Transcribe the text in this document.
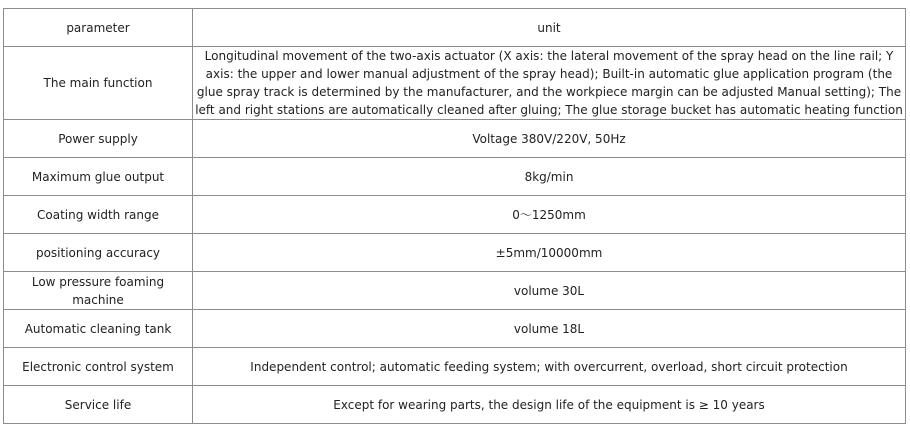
parameter	unit
The main function	Longitudinal movement of the two-axis actuator (X axis: the lateral movement of the spray head on the line rail; Y axis: the upper and lower manual adjustment of the spray head); Built-in automatic glue application program (the glue spray track is determined by the manufacturer, and the workpiece margin can be adjusted Manual setting); The left and right stations are automatically cleaned after gluing; The glue storage bucket has automatic heating function
Power supply	Voltage 380V/220V, 50Hz
Maximum glue output	8kg/min
Coating width range	0～1250mm
positioning accuracy	±5mm/10000mm
Low pressure foaming machine	volume 30L
Automatic cleaning tank	volume 18L
Electronic control system	Independent control; automatic feeding system; with overcurrent, overload, short circuit protection
Service life	Except for wearing parts, the design life of the equipment is ≥ 10 years
